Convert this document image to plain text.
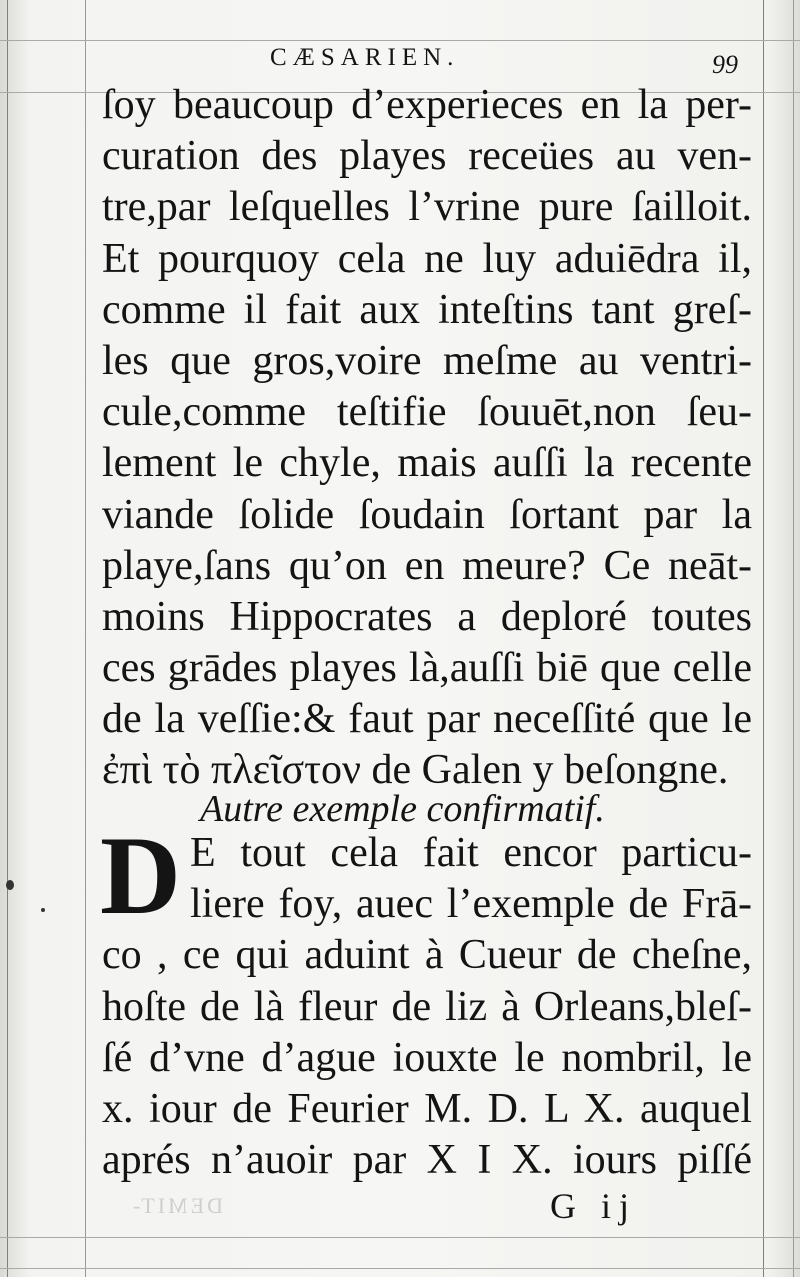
CÆSARIEN.	99
ſoy beaucoup d’experieces en la per-
curation des playes receües au ven-
tre,par leſquelles l’vrine pure ſailloit.
Et pourquoy cela ne luy aduiēdra il,
comme il fait aux inteſtins tant greſ-
les que gros,voire meſme au ventri-
cule,comme teſtifie ſouuēt,non ſeu-
lement le chyle, mais auſſi la recente
viande ſolide ſoudain ſortant par la
playe,ſans qu’on en meure? Ce neāt-
moins Hippocrates a deploré toutes
ces grādes playes là,auſſi biē que celle
de la veſſie:& faut par neceſſité que le
ἐπὶ τὸ πλεῖστον de Galen y beſongne.
Autre exemple confirmatif.
D E tout cela fait encor particu-
liere foy, auec l’exemple de Frā-
co , ce qui aduint à Cueur de cheſne,
hoſte de là fleur de liz à Orleans,bleſ-
ſé d’vne d’ague iouxte le nombril, le
x. iour de Feurier M. D. L X. auquel
aprés n’auoir par X I X. iours piſſé
G ij
DEMIT-
